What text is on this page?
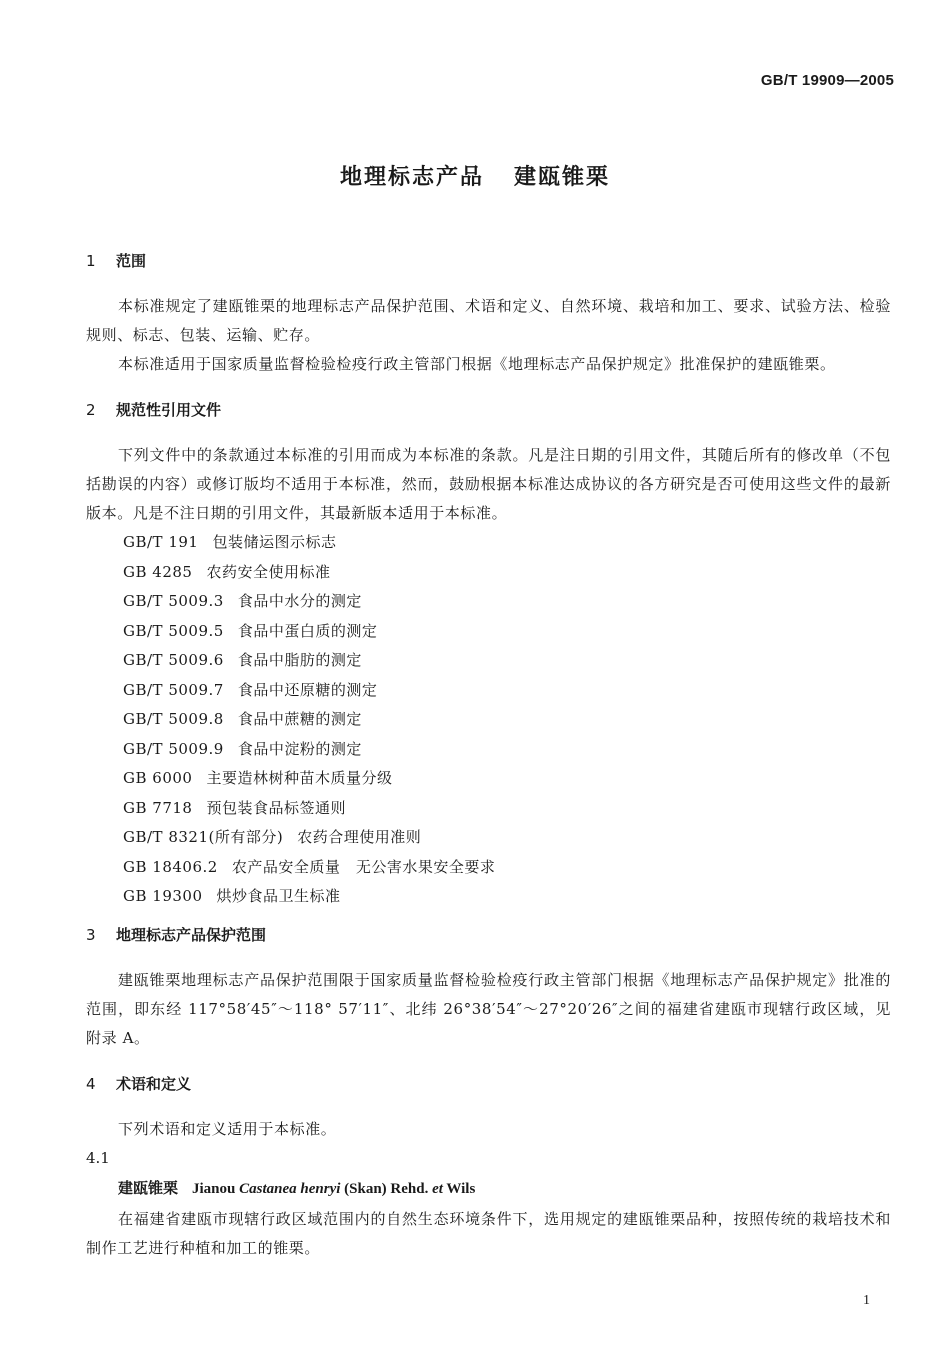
GB/T 19909—2005
地理标志产品 建瓯锥栗
1 范围

本标准规定了建瓯锥栗的地理标志产品保护范围、术语和定义、自然环境、栽培和加工、要求、试验方法、检验规则、标志、包装、运输、贮存。

本标准适用于国家质量监督检验检疫行政主管部门根据《地理标志产品保护规定》批准保护的建瓯锥栗。

2 规范性引用文件

下列文件中的条款通过本标准的引用而成为本标准的条款。凡是注日期的引用文件，其随后所有的修改单（不包括勘误的内容）或修订版均不适用于本标准，然而，鼓励根据本标准达成协议的各方研究是否可使用这些文件的最新版本。凡是不注日期的引用文件，其最新版本适用于本标准。

GB/T 191 包装储运图示标志
GB 4285 农药安全使用标准
GB/T 5009.3 食品中水分的测定
GB/T 5009.5 食品中蛋白质的测定
GB/T 5009.6 食品中脂肪的测定
GB/T 5009.7 食品中还原糖的测定
GB/T 5009.8 食品中蔗糖的测定
GB/T 5009.9 食品中淀粉的测定
GB 6000 主要造林树种苗木质量分级
GB 7718 预包装食品标签通则
GB/T 8321(所有部分) 农药合理使用准则
GB 18406.2 农产品安全质量　无公害水果安全要求
GB 19300 烘炒食品卫生标准
3 地理标志产品保护范围

建瓯锥栗地理标志产品保护范围限于国家质量监督检验检疫行政主管部门根据《地理标志产品保护规定》批准的范围，即东经 117°58′45″～118° 57′11″、北纬 26°38′54″～27°20′26″之间的福建省建瓯市现辖行政区域，见附录 A。

4 术语和定义

下列术语和定义适用于本标准。

4.1

建瓯锥栗 Jianou Castanea henryi (Skan) Rehd. et Wils

在福建省建瓯市现辖行政区域范围内的自然生态环境条件下，选用规定的建瓯锥栗品种，按照传统的栽培技术和制作工艺进行种植和加工的锥栗。

1
